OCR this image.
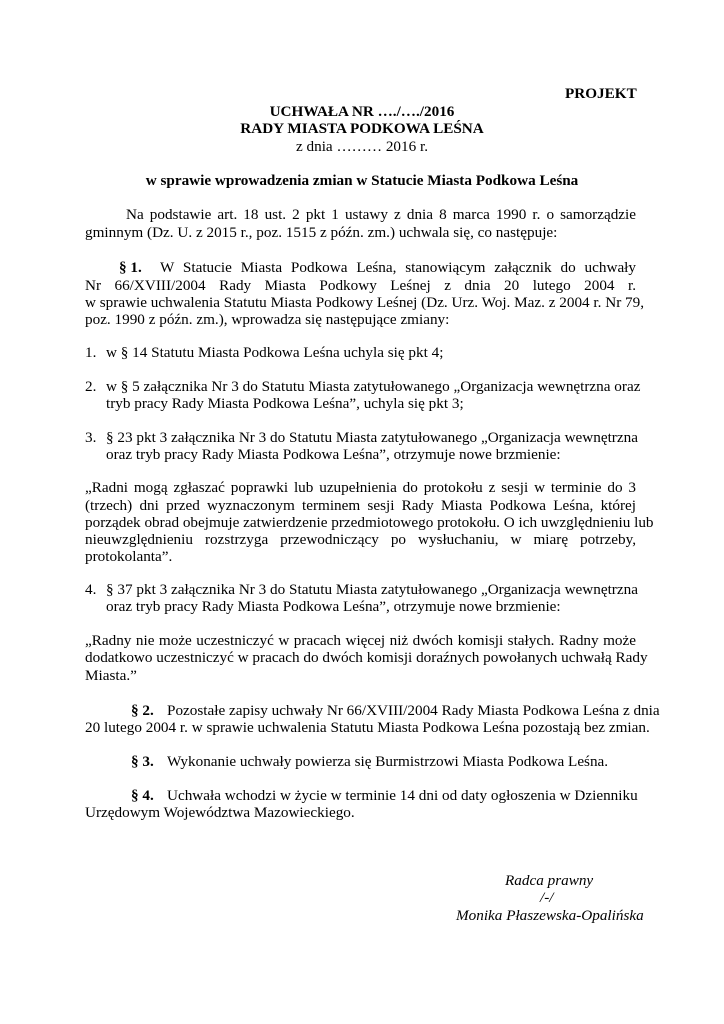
PROJEKT
UCHWAŁA NR …./…./2016
RADY MIASTA PODKOWA LEŚNA
z dnia ……… 2016 r.
w sprawie wprowadzenia zmian w Statucie Miasta Podkowa Leśna
Na podstawie art. 18 ust. 2 pkt 1 ustawy z dnia 8 marca 1990 r. o samorządzie
gminnym (Dz. U. z 2015 r., poz. 1515 z późn. zm.) uchwala się, co następuje:
§ 1. W Statucie Miasta Podkowa Leśna, stanowiącym załącznik do uchwały
Nr 66/XVIII/2004 Rady Miasta Podkowy Leśnej z dnia 20 lutego 2004 r.
w sprawie uchwalenia Statutu Miasta Podkowy Leśnej (Dz. Urz. Woj. Maz. z 2004 r. Nr 79,
poz. 1990 z późn. zm.), wprowadza się następujące zmiany:
1. w § 14 Statutu Miasta Podkowa Leśna uchyla się pkt 4;
2. w § 5 załącznika Nr 3 do Statutu Miasta zatytułowanego „Organizacja wewnętrzna oraz
tryb pracy Rady Miasta Podkowa Leśna”, uchyla się pkt 3;
3. § 23 pkt 3 załącznika Nr 3 do Statutu Miasta zatytułowanego „Organizacja wewnętrzna
oraz tryb pracy Rady Miasta Podkowa Leśna”, otrzymuje nowe brzmienie:
„Radni mogą zgłaszać poprawki lub uzupełnienia do protokołu z sesji w terminie do 3
(trzech) dni przed wyznaczonym terminem sesji Rady Miasta Podkowa Leśna, której
porządek obrad obejmuje zatwierdzenie przedmiotowego protokołu. O ich uwzględnieniu lub
nieuwzględnieniu rozstrzyga przewodniczący po wysłuchaniu, w miarę potrzeby,
protokolanta”.
4. § 37 pkt 3 załącznika Nr 3 do Statutu Miasta zatytułowanego „Organizacja wewnętrzna
oraz tryb pracy Rady Miasta Podkowa Leśna”, otrzymuje nowe brzmienie:
„Radny nie może uczestniczyć w pracach więcej niż dwóch komisji stałych. Radny może
dodatkowo uczestniczyć w pracach do dwóch komisji doraźnych powołanych uchwałą Rady
Miasta.”
§ 2. Pozostałe zapisy uchwały Nr 66/XVIII/2004 Rady Miasta Podkowa Leśna z dnia
20 lutego 2004 r. w sprawie uchwalenia Statutu Miasta Podkowa Leśna pozostają bez zmian.
§ 3. Wykonanie uchwały powierza się Burmistrzowi Miasta Podkowa Leśna.
§ 4. Uchwała wchodzi w życie w terminie 14 dni od daty ogłoszenia w Dzienniku
Urzędowym Województwa Mazowieckiego.
Radca prawny
/-/
Monika Płaszewska-Opalińska
